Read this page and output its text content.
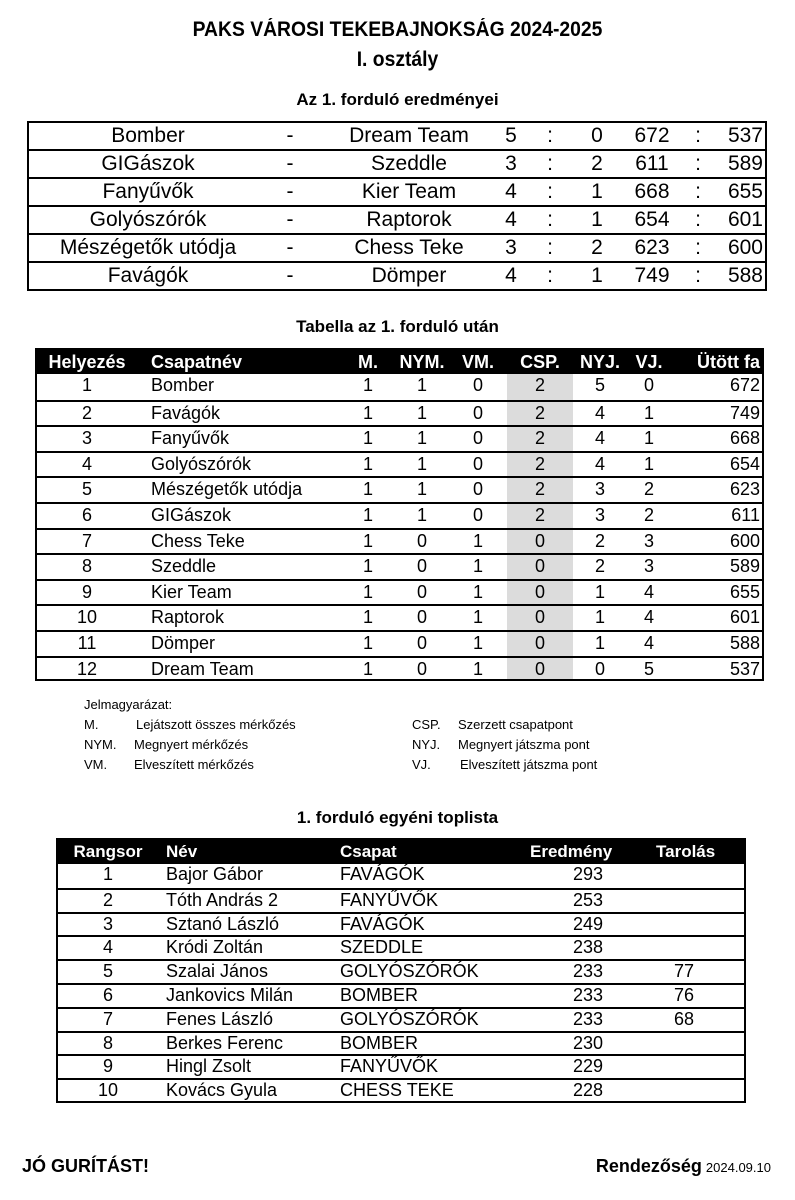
PAKS VÁROSI TEKEBAJNOKSÁG 2024-2025
I. osztály
Az 1. forduló eredményei
Bomber	-	Dream Team	5 : 0	672	:	537
GIGászok	-	Szeddle	3 : 2	611	:	589
Fanyűvők	-	Kier Team	4 : 1	668	:	655
Golyószórók	-	Raptorok	4 : 1	654	:	601
Mészégetők utódja	-	Chess Teke	3 : 2	623	:	600
Favágók	-	Dömper	4 : 1	749	:	588
Tabella az 1. forduló után
Helyezés	Csapatnév	M. NYM. VM.	CSP.	NYJ. VJ.	Ütött fa
1	Bomber	1	1	0	2	5	0	672
2	Favágók	1	1	0	2	4	1	749
3	Fanyűvők	1	1	0	2	4	1	668
4	Golyószórók	1	1	0	2	4	1	654
5	Mészégetők utódja	1	1	0	2	3	2	623
6	GIGászok	1	1	0	2	3	2	611
7	Chess Teke	1	0	1	0	2	3	600
8	Szeddle	1	0	1	0	2	3	589
9	Kier Team	1	0	1	0	1	4	655
10	Raptorok	1	0	1	0	1	4	601
11	Dömper	1	0	1	0	1	4	588
12	Dream Team	1	0	1	0	0	5	537
Jelmagyarázat:
M.	Lejátszott összes mérkőzés
NYM. Megnyert mérkőzés
VM. Elveszített mérkőzés
CSP. Szerzett csapatpont
NYJ. Megnyert játszma pont
VJ. Elveszített játszma pont
1. forduló egyéni toplista
Rangsor	Név	Csapat	Eredmény	Tarolás
1	Bajor Gábor	FAVÁGÓK	293
2	Tóth András 2	FANYŰVŐK	253
3	Sztanó László	FAVÁGÓK	249
4	Kródi Zoltán	SZEDDLE	238
5	Szalai János	GOLYÓSZÓRÓK	233	77
6	Jankovics Milán	BOMBER	233	76
7	Fenes László	GOLYÓSZÓRÓK	233	68
8	Berkes Ferenc	BOMBER	230
9	Hingl Zsolt	FANYŰVŐK	229
10	Kovács Gyula	CHESS TEKE	228
JÓ GURÍTÁST!	Rendezőség 2024.09.10
